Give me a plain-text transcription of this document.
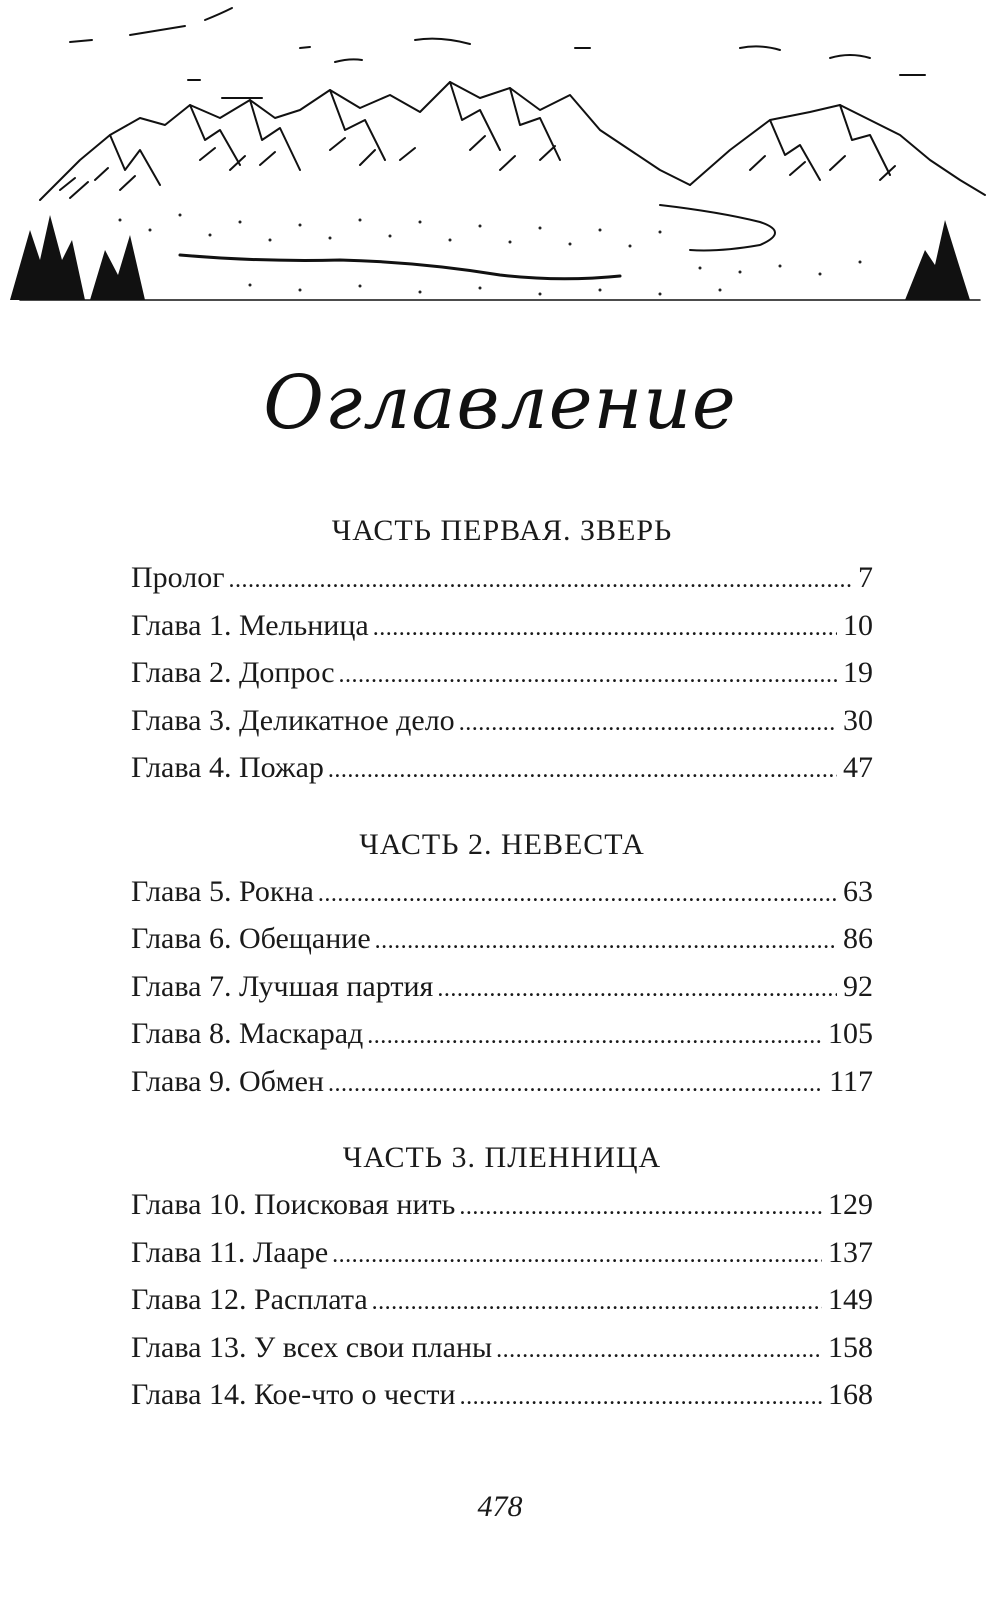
Оглавление
ЧАСТЬ ПЕРВАЯ. ЗВЕРЬ
Пролог .....	7
Глава 1. Мельница .....	10
Глава 2. Допрос .....	19
Глава 3. Деликатное дело .....	30
Глава 4. Пожар .....	47
ЧАСТЬ 2. НЕВЕСТА
Глава 5. Рокна .....	63
Глава 6. Обещание .....	86
Глава 7. Лучшая партия .....	92
Глава 8. Маскарад .....	105
Глава 9. Обмен .....	117
ЧАСТЬ 3. ПЛЕННИЦА
Глава 10. Поисковая нить .....	129
Глава 11. Лааре .....	137
Глава 12. Расплата .....	149
Глава 13. У всех свои планы .....	158
Глава 14. Кое-что о чести .....	168
478
